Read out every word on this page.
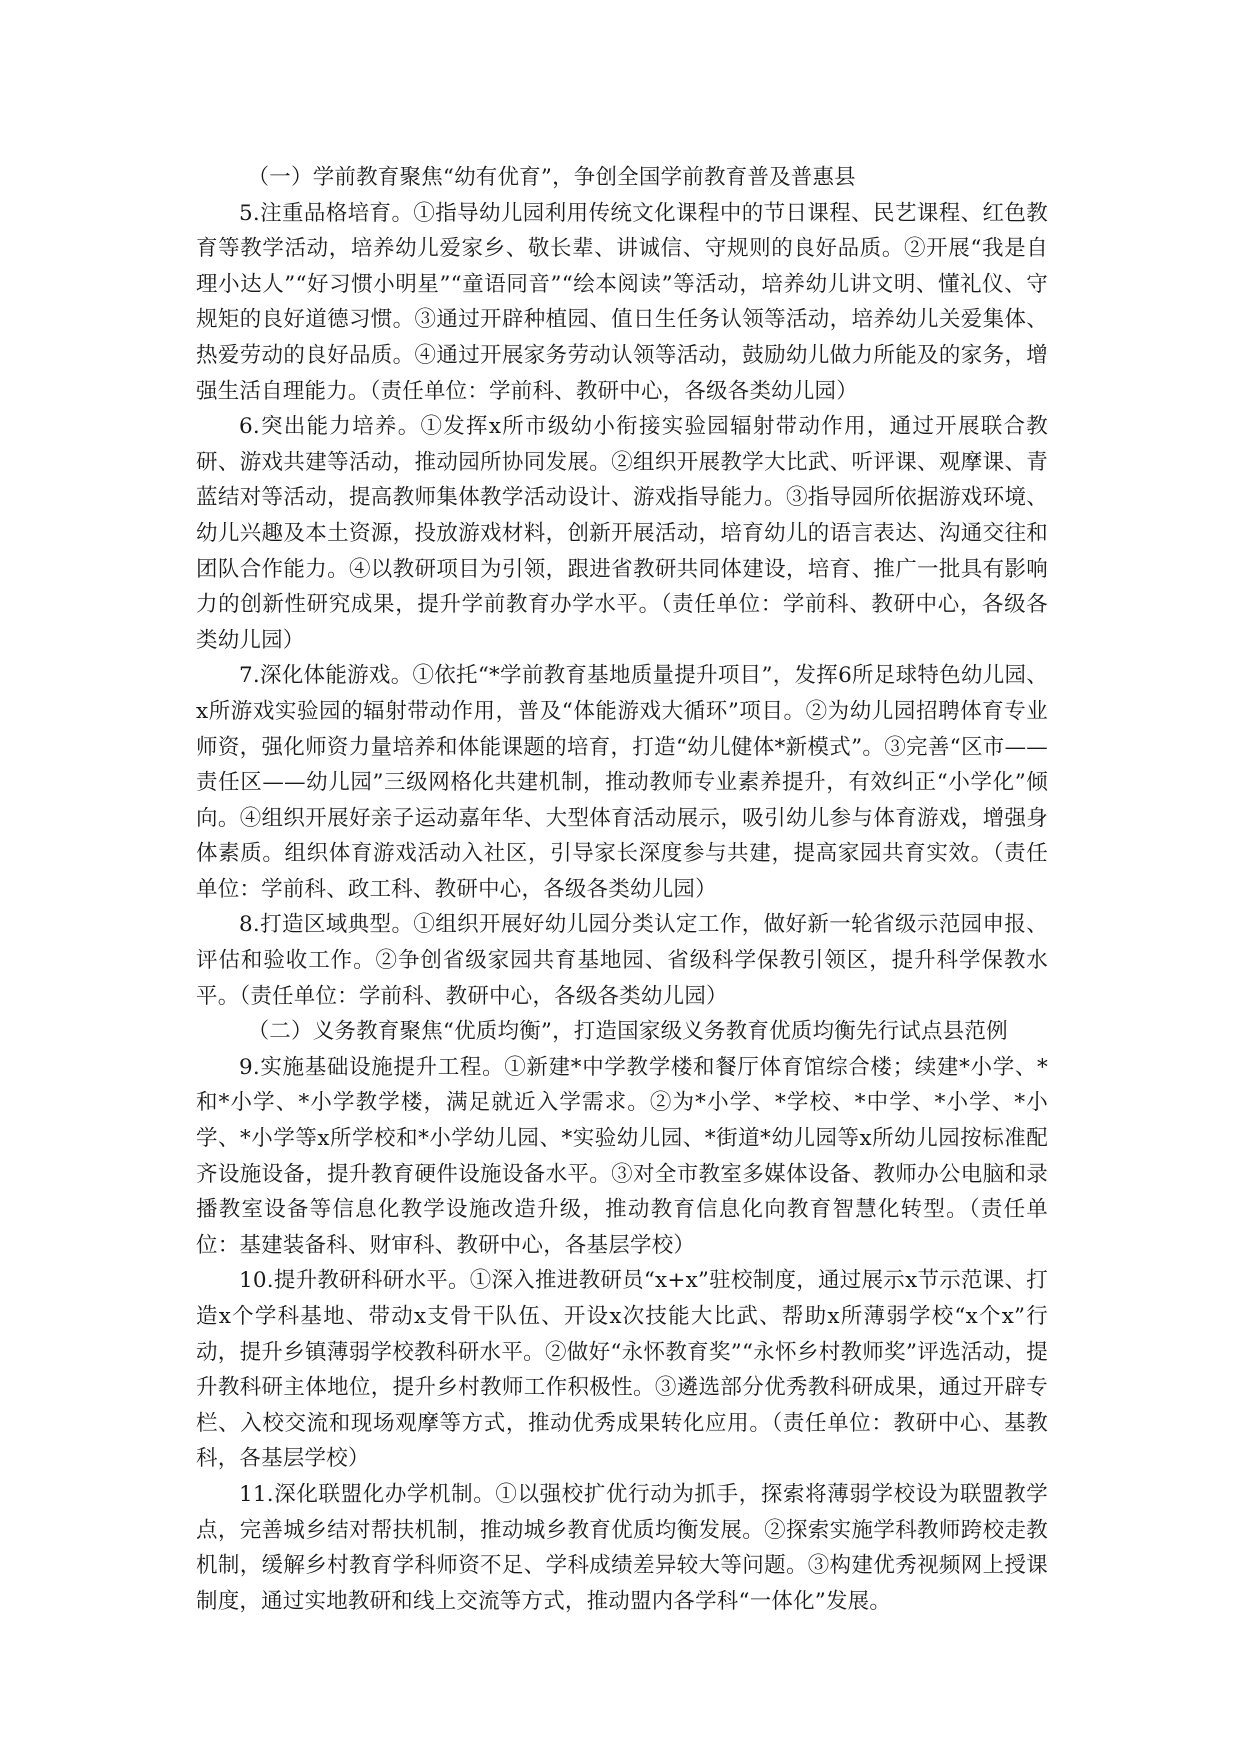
（一）学前教育聚焦“幼有优育”，争创全国学前教育普及普惠县

5.注重品格培育。①指导幼儿园利用传统文化课程中的节日课程、民艺课程、红色教育等教学活动，培养幼儿爱家乡、敬长辈、讲诚信、守规则的良好品质。②开展“我是自理小达人”“好习惯小明星”“童语同音”“绘本阅读”等活动，培养幼儿讲文明、懂礼仪、守规矩的良好道德习惯。③通过开辟种植园、值日生任务认领等活动，培养幼儿关爱集体、热爱劳动的良好品质。④通过开展家务劳动认领等活动，鼓励幼儿做力所能及的家务，增强生活自理能力。（责任单位：学前科、教研中心，各级各类幼儿园）

6.突出能力培养。①发挥x所市级幼小衔接实验园辐射带动作用，通过开展联合教研、游戏共建等活动，推动园所协同发展。②组织开展教学大比武、听评课、观摩课、青蓝结对等活动，提高教师集体教学活动设计、游戏指导能力。③指导园所依据游戏环境、幼儿兴趣及本土资源，投放游戏材料，创新开展活动，培育幼儿的语言表达、沟通交往和团队合作能力。④以教研项目为引领，跟进省教研共同体建设，培育、推广一批具有影响力的创新性研究成果，提升学前教育办学水平。（责任单位：学前科、教研中心，各级各类幼儿园）

7.深化体能游戏。①依托“*学前教育基地质量提升项目”，发挥6所足球特色幼儿园、x所游戏实验园的辐射带动作用，普及“体能游戏大循环”项目。②为幼儿园招聘体育专业师资，强化师资力量培养和体能课题的培育，打造“幼儿健体*新模式”。③完善“区市——责任区——幼儿园”三级网格化共建机制，推动教师专业素养提升，有效纠正“小学化”倾向。④组织开展好亲子运动嘉年华、大型体育活动展示，吸引幼儿参与体育游戏，增强身体素质。组织体育游戏活动入社区，引导家长深度参与共建，提高家园共育实效。（责任单位：学前科、政工科、教研中心，各级各类幼儿园）

8.打造区域典型。①组织开展好幼儿园分类认定工作，做好新一轮省级示范园申报、评估和验收工作。②争创省级家园共育基地园、省级科学保教引领区，提升科学保教水平。（责任单位：学前科、教研中心，各级各类幼儿园）

（二）义务教育聚焦“优质均衡”，打造国家级义务教育优质均衡先行试点县范例

9.实施基础设施提升工程。①新建*中学教学楼和餐厅体育馆综合楼；续建*小学、*和*小学、*小学教学楼，满足就近入学需求。②为*小学、*学校、*中学、*小学、*小学、*小学等x所学校和*小学幼儿园、*实验幼儿园、*街道*幼儿园等x所幼儿园按标准配齐设施设备，提升教育硬件设施设备水平。③对全市教室多媒体设备、教师办公电脑和录播教室设备等信息化教学设施改造升级，推动教育信息化向教育智慧化转型。（责任单位：基建装备科、财审科、教研中心，各基层学校）

10.提升教研科研水平。①深入推进教研员“x+x”驻校制度，通过展示x节示范课、打造x个学科基地、带动x支骨干队伍、开设x次技能大比武、帮助x所薄弱学校“x个x”行动，提升乡镇薄弱学校教科研水平。②做好“永怀教育奖”“永怀乡村教师奖”评选活动，提升教科研主体地位，提升乡村教师工作积极性。③遴选部分优秀教科研成果，通过开辟专栏、入校交流和现场观摩等方式，推动优秀成果转化应用。（责任单位：教研中心、基教科，各基层学校）

11.深化联盟化办学机制。①以强校扩优行动为抓手，探索将薄弱学校设为联盟教学点，完善城乡结对帮扶机制，推动城乡教育优质均衡发展。②探索实施学科教师跨校走教机制，缓解乡村教育学科师资不足、学科成绩差异较大等问题。③构建优秀视频网上授课制度，通过实地教研和线上交流等方式，推动盟内各学科“一体化”发展。
